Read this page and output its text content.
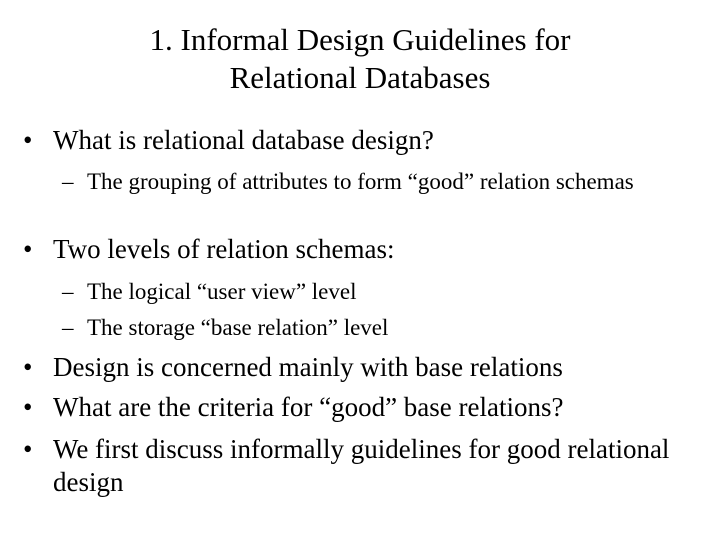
1. Informal Design Guidelines for
Relational Databases
• What is relational database design?
– The grouping of attributes to form “good” relation schemas
• Two levels of relation schemas:
– The logical “user view” level
– The storage “base relation” level
• Design is concerned mainly with base relations
• What are the criteria for “good” base relations?
• We first discuss informally guidelines for good relational design
